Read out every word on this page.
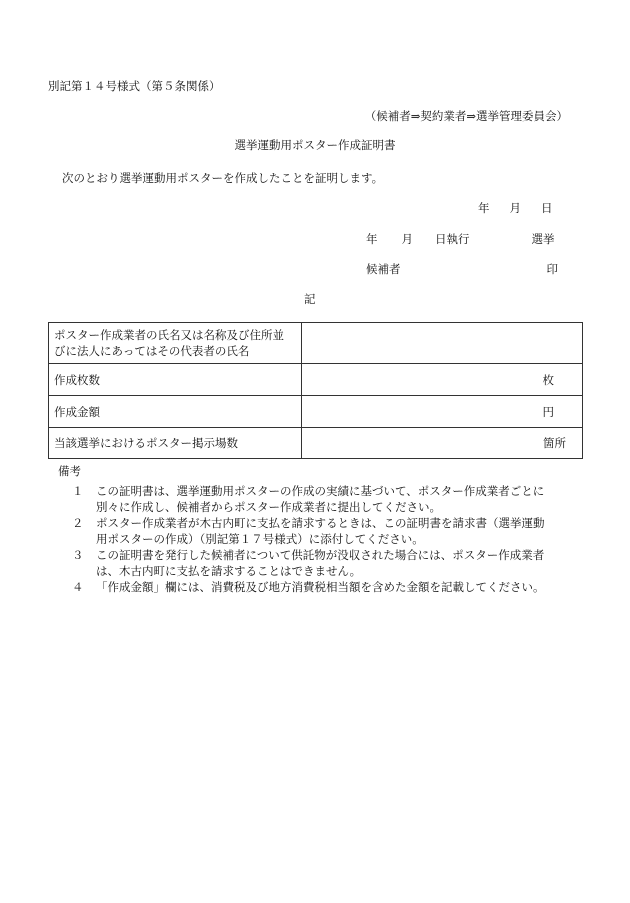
別記第１４号様式（第５条関係）
（候補者⇒契約業者⇒選挙管理委員会）
選挙運動用ポスター作成証明書
次のとおり選挙運動用ポスターを作成したことを証明します。
年 月 日
年 月 日執行	選挙
候補者	印
記
ポスター作成業者の氏名又は名称及び住所並
びに法人にあってはその代表者の氏名	

作成枚数	枚
作成金額	円
当該選挙におけるポスター掲示場数	箇所
備考
１ この証明書は、選挙運動用ポスターの作成の実績に基づいて、ポスター作成業者ごとに
別々に作成し、候補者からポスター作成業者に提出してください。
２ ポスター作成業者が木古内町に支払を請求するときは、この証明書を請求書（選挙運動
用ポスターの作成）（別記第１７号様式）に添付してください。
３ この証明書を発行した候補者について供託物が没収された場合には、ポスター作成業者
は、木古内町に支払を請求することはできません。
４ 「作成金額」欄には、消費税及び地方消費税相当額を含めた金額を記載してください。
